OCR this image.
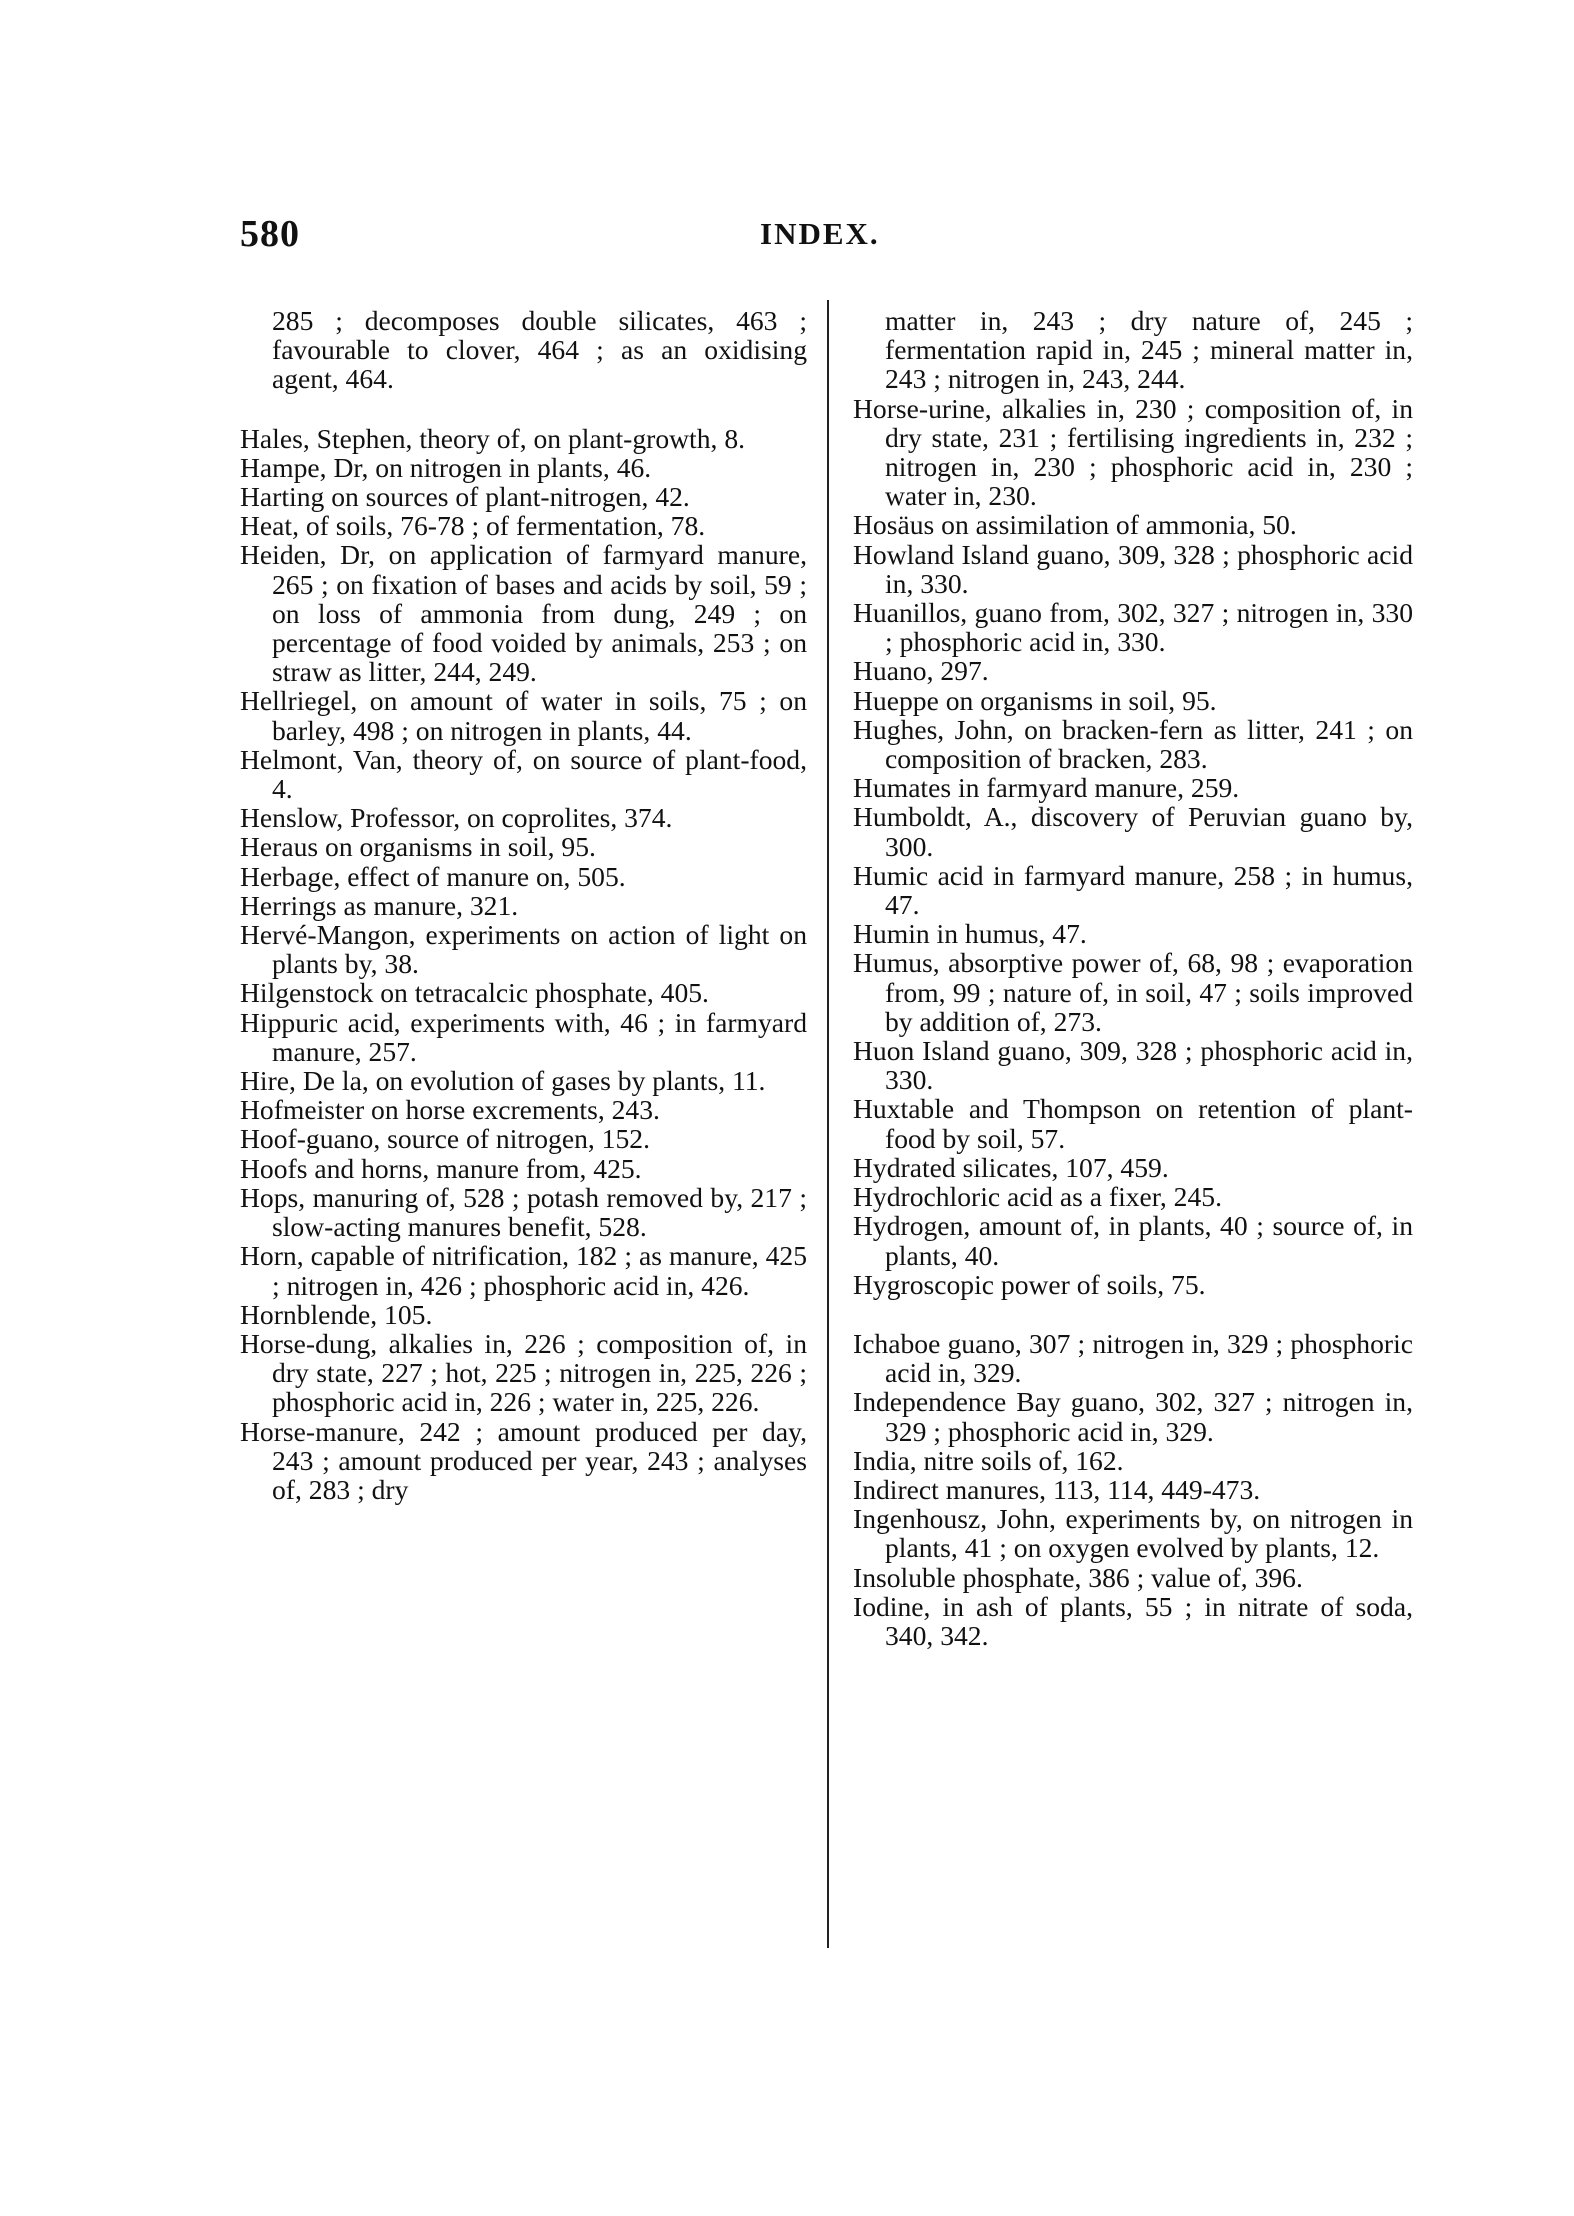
580	INDEX.
285 ; decomposes double silicates, 463 ; favourable to clover, 464 ; as an oxidising agent, 464.
Hales, Stephen, theory of, on plant-growth, 8.
Hampe, Dr, on nitrogen in plants, 46.
Harting on sources of plant-nitrogen, 42.
Heat, of soils, 76-78 ; of fermentation, 78.
Heiden, Dr, on application of farmyard manure, 265 ; on fixation of bases and acids by soil, 59 ; on loss of ammonia from dung, 249 ; on percentage of food voided by animals, 253 ; on straw as litter, 244, 249.
Hellriegel, on amount of water in soils, 75 ; on barley, 498 ; on nitrogen in plants, 44.
Helmont, Van, theory of, on source of plant-food, 4.
Henslow, Professor, on coprolites, 374.
Heraus on organisms in soil, 95.
Herbage, effect of manure on, 505.
Herrings as manure, 321.
Hervé-Mangon, experiments on action of light on plants by, 38.
Hilgenstock on tetracalcic phosphate, 405.
Hippuric acid, experiments with, 46 ; in farmyard manure, 257.
Hire, De la, on evolution of gases by plants, 11.
Hofmeister on horse excrements, 243.
Hoof-guano, source of nitrogen, 152.
Hoofs and horns, manure from, 425.
Hops, manuring of, 528 ; potash removed by, 217 ; slow-acting manures benefit, 528.
Horn, capable of nitrification, 182 ; as manure, 425 ; nitrogen in, 426 ; phosphoric acid in, 426.
Hornblende, 105.
Horse-dung, alkalies in, 226 ; composition of, in dry state, 227 ; hot, 225 ; nitrogen in, 225, 226 ; phosphoric acid in, 226 ; water in, 225, 226.
Horse-manure, 242 ; amount produced per day, 243 ; amount produced per year, 243 ; analyses of, 283 ; dry
matter in, 243 ; dry nature of, 245 ; fermentation rapid in, 245 ; mineral matter in, 243 ; nitrogen in, 243, 244.
Horse-urine, alkalies in, 230 ; composition of, in dry state, 231 ; fertilising ingredients in, 232 ; nitrogen in, 230 ; phosphoric acid in, 230 ; water in, 230.
Hosäus on assimilation of ammonia, 50.
Howland Island guano, 309, 328 ; phosphoric acid in, 330.
Huanillos, guano from, 302, 327 ; nitrogen in, 330 ; phosphoric acid in, 330.
Huano, 297.
Hueppe on organisms in soil, 95.
Hughes, John, on bracken-fern as litter, 241 ; on composition of bracken, 283.
Humates in farmyard manure, 259.
Humboldt, A., discovery of Peruvian guano by, 300.
Humic acid in farmyard manure, 258 ; in humus, 47.
Humin in humus, 47.
Humus, absorptive power of, 68, 98 ; evaporation from, 99 ; nature of, in soil, 47 ; soils improved by addition of, 273.
Huon Island guano, 309, 328 ; phosphoric acid in, 330.
Huxtable and Thompson on retention of plant-food by soil, 57.
Hydrated silicates, 107, 459.
Hydrochloric acid as a fixer, 245.
Hydrogen, amount of, in plants, 40 ; source of, in plants, 40.
Hygroscopic power of soils, 75.
Ichaboe guano, 307 ; nitrogen in, 329 ; phosphoric acid in, 329.
Independence Bay guano, 302, 327 ; nitrogen in, 329 ; phosphoric acid in, 329.
India, nitre soils of, 162.
Indirect manures, 113, 114, 449-473.
Ingenhousz, John, experiments by, on nitrogen in plants, 41 ; on oxygen evolved by plants, 12.
Insoluble phosphate, 386 ; value of, 396.
Iodine, in ash of plants, 55 ; in nitrate of soda, 340, 342.
